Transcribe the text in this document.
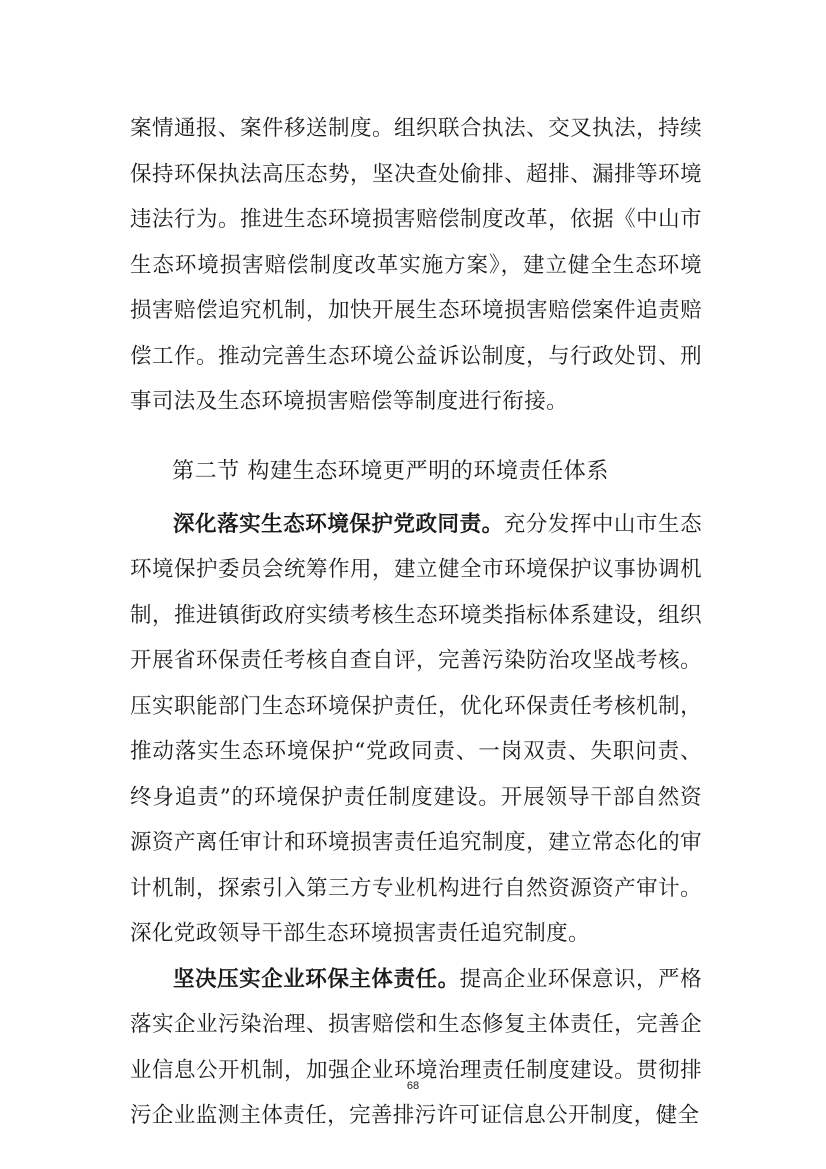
案情通报、案件移送制度。组织联合执法、交叉执法，持续保持环保执法高压态势，坚决查处偷排、超排、漏排等环境违法行为。推进生态环境损害赔偿制度改革，依据《中山市生态环境损害赔偿制度改革实施方案》，建立健全生态环境损害赔偿追究机制，加快开展生态环境损害赔偿案件追责赔偿工作。推动完善生态环境公益诉讼制度，与行政处罚、刑事司法及生态环境损害赔偿等制度进行衔接。

第二节 构建生态环境更严明的环境责任体系

深化落实生态环境保护党政同责。充分发挥中山市生态环境保护委员会统筹作用，建立健全市环境保护议事协调机制，推进镇街政府实绩考核生态环境类指标体系建设，组织开展省环保责任考核自查自评，完善污染防治攻坚战考核。压实职能部门生态环境保护责任，优化环保责任考核机制，推动落实生态环境保护“党政同责、一岗双责、失职问责、终身追责”的环境保护责任制度建设。开展领导干部自然资源资产离任审计和环境损害责任追究制度，建立常态化的审计机制，探索引入第三方专业机构进行自然资源资产审计。深化党政领导干部生态环境损害责任追究制度。

坚决压实企业环保主体责任。提高企业环保意识，严格落实企业污染治理、损害赔偿和生态修复主体责任，完善企业信息公开机制，加强企业环境治理责任制度建设。贯彻排污企业监测主体责任，完善排污许可证信息公开制度，健全

68
